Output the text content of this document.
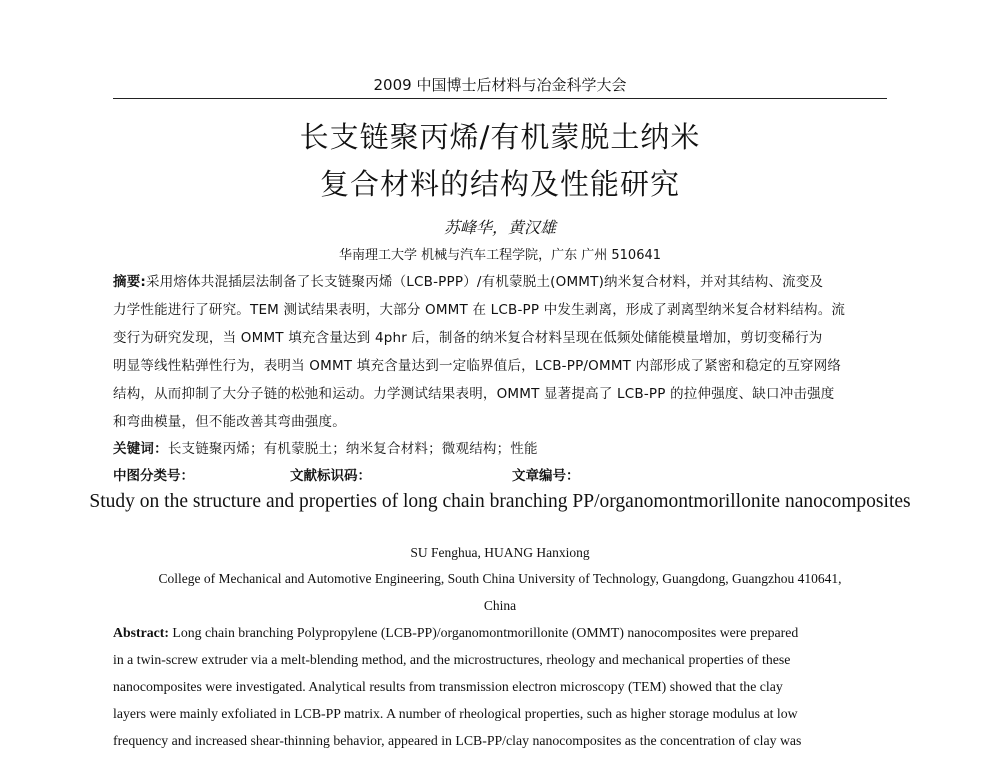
2009 中国博士后材料与冶金科学大会
长支链聚丙烯/有机蒙脱土纳米
复合材料的结构及性能研究
苏峰华，黄汉雄
华南理工大学 机械与汽车工程学院，广东 广州 510641
摘要:采用熔体共混插层法制备了长支链聚丙烯（LCB-PPP）/有机蒙脱土(OMMT)纳米复合材料，并对其结构、流变及
力学性能进行了研究。TEM 测试结果表明，大部分 OMMT 在 LCB-PP 中发生剥离，形成了剥离型纳米复合材料结构。流
变行为研究发现，当 OMMT 填充含量达到 4phr 后，制备的纳米复合材料呈现在低频处储能模量增加，剪切变稀行为
明显等线性粘弹性行为，表明当 OMMT 填充含量达到一定临界值后，LCB-PP/OMMT 内部形成了紧密和稳定的互穿网络
结构，从而抑制了大分子链的松弛和运动。力学测试结果表明，OMMT 显著提高了 LCB-PP 的拉伸强度、缺口冲击强度
和弯曲模量，但不能改善其弯曲强度。
关键词：长支链聚丙烯；有机蒙脱土；纳米复合材料；微观结构；性能
中图分类号：	文献标识码：	文章编号：
Study on the structure and properties of long chain branching PP/organomontmorillonite nanocomposites
SU Fenghua, HUANG Hanxiong
College of Mechanical and Automotive Engineering, South China University of Technology, Guangdong, Guangzhou 410641,
China
Abstract: Long chain branching Polypropylene (LCB-PP)/organomontmorillonite (OMMT) nanocomposites were prepared
in a twin-screw extruder via a melt-blending method, and the microstructures, rheology and mechanical properties of these
nanocomposites were investigated. Analytical results from transmission electron microscopy (TEM) showed that the clay
layers were mainly exfoliated in LCB-PP matrix. A number of rheological properties, such as higher storage modulus at low
frequency and increased shear-thinning behavior, appeared in LCB-PP/clay nanocomposites as the concentration of clay was
